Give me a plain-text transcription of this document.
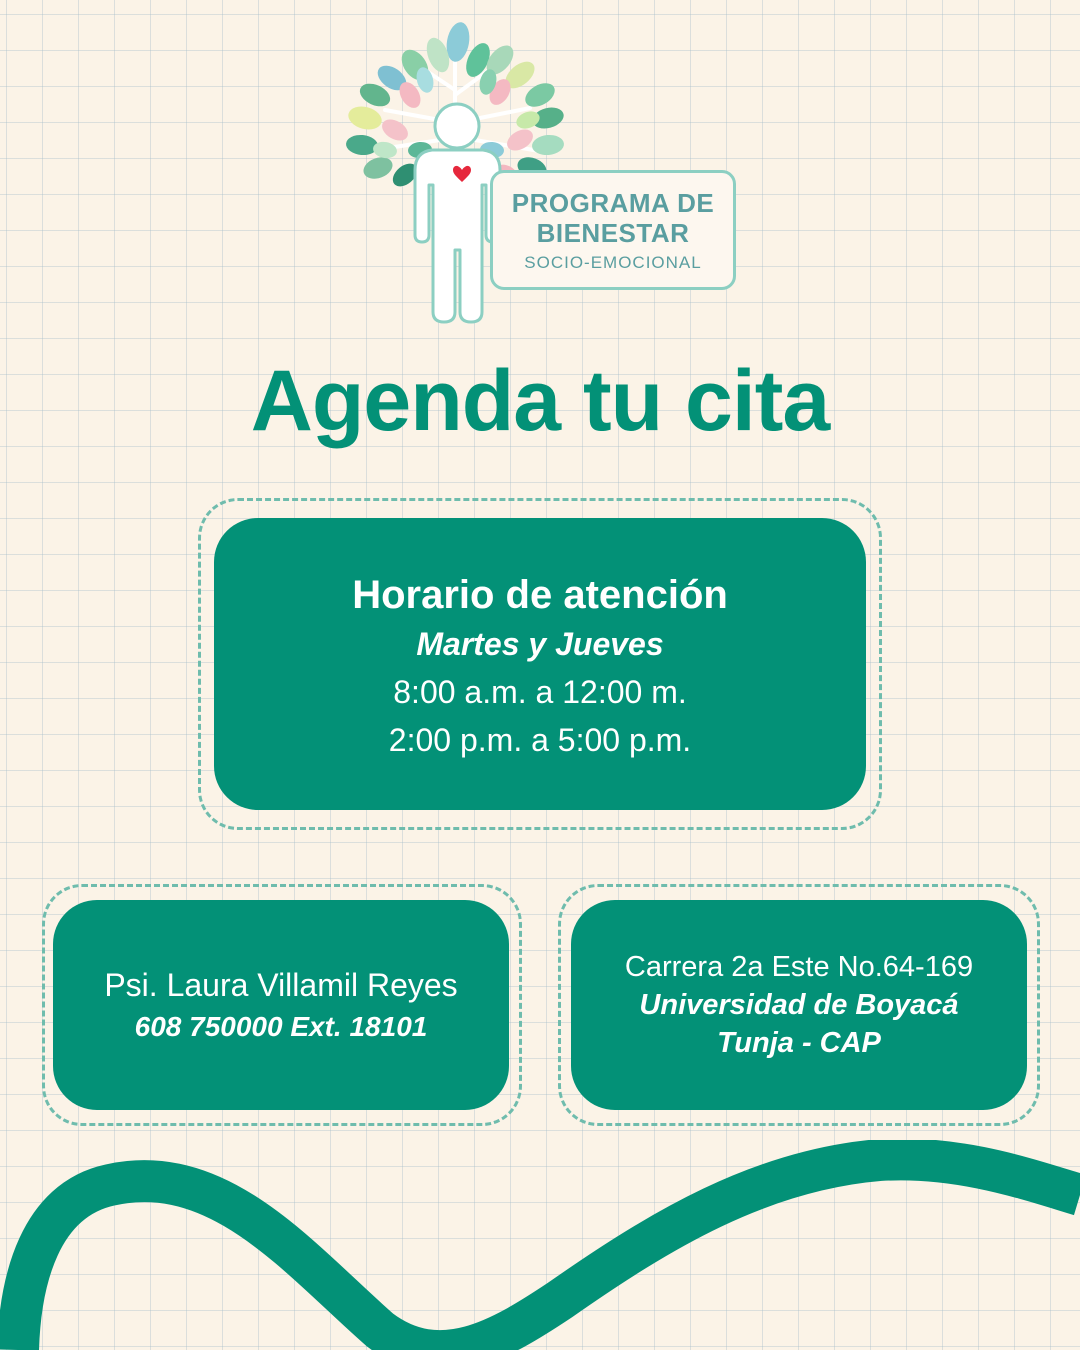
PROGRAMA DE
BIENESTAR
SOCIO-EMOCIONAL
Agenda tu cita
Horario de atención
Martes y Jueves
8:00 a.m. a 12:00 m.
2:00 p.m. a 5:00 p.m.
Psi. Laura Villamil Reyes
608 750000 Ext. 18101
Carrera 2a Este No.64-169
Universidad de Boyacá
Tunja - CAP
